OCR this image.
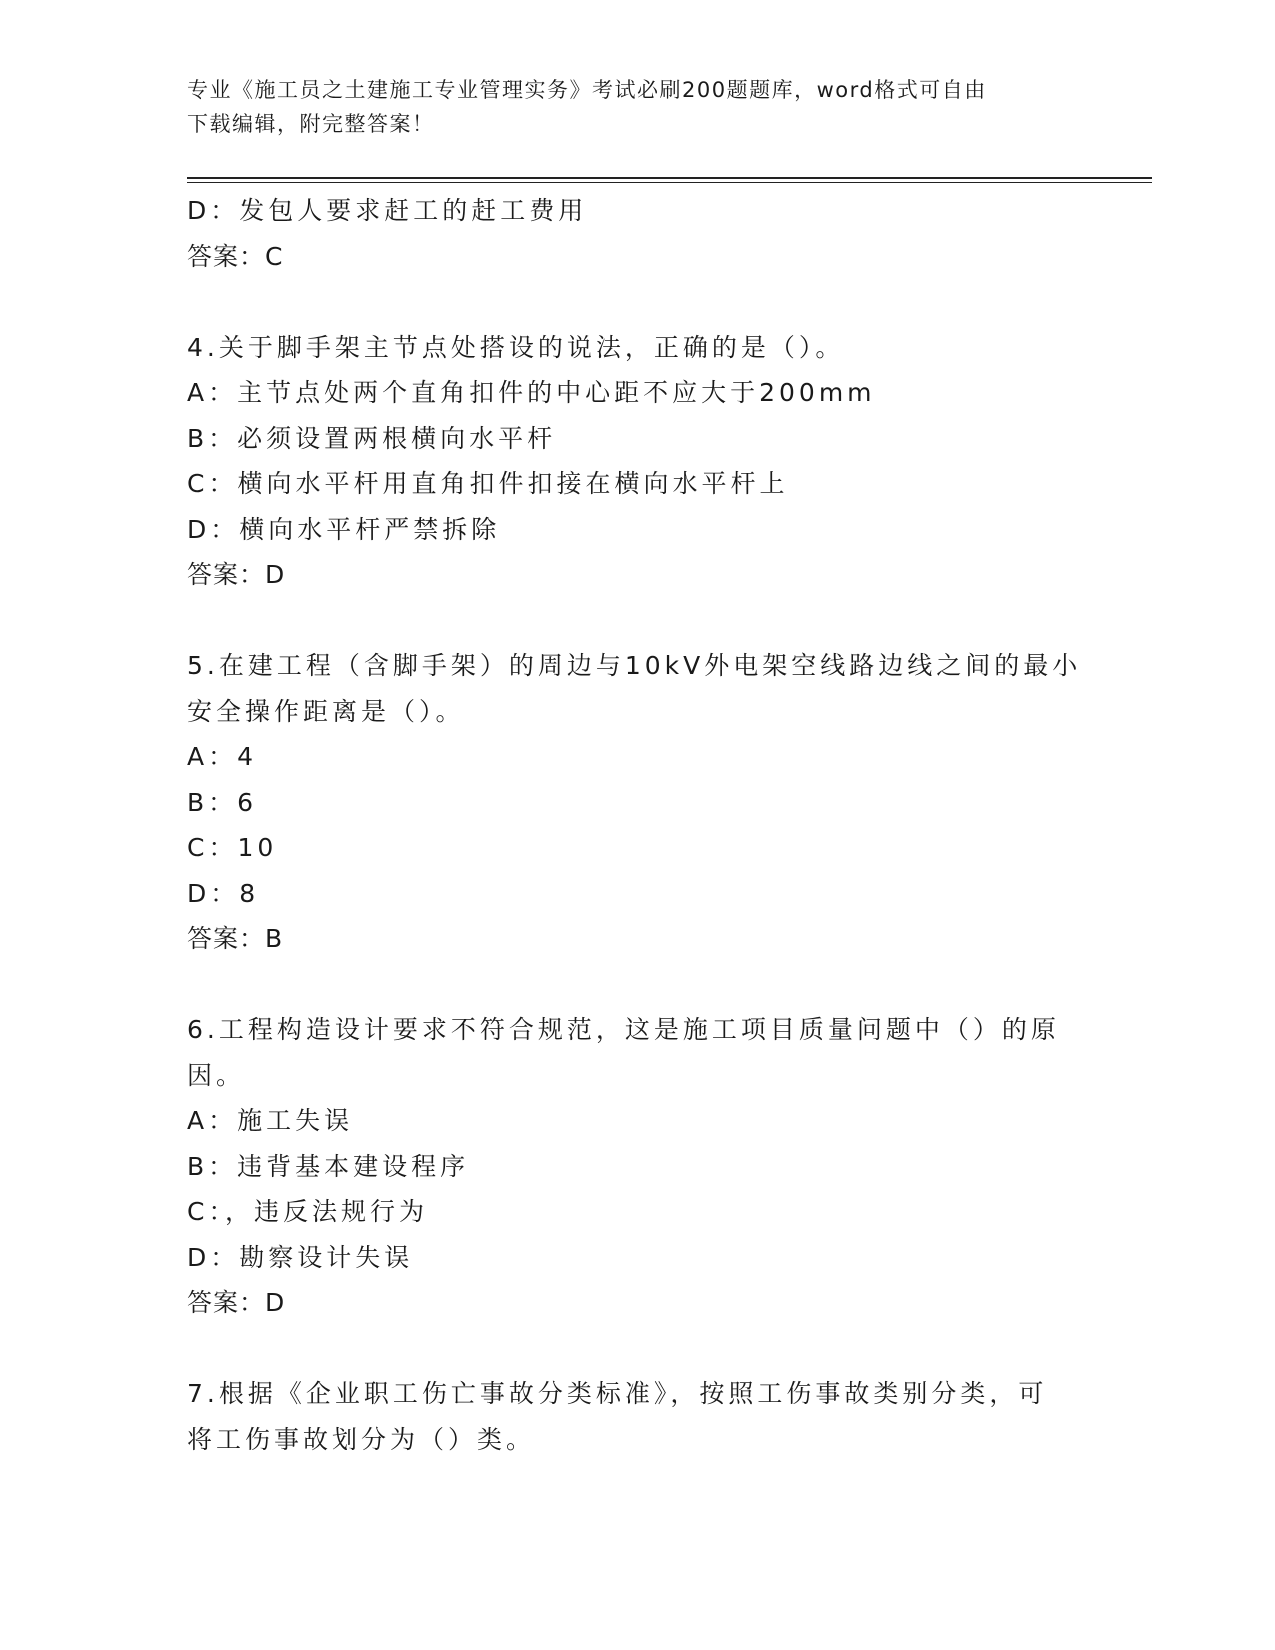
专业《施工员之土建施工专业管理实务》考试必刷200题题库，word格式可自由
下载编辑，附完整答案！
D：发包人要求赶工的赶工费用
答案：C
4.关于脚手架主节点处搭设的说法，正确的是（）。
A：主节点处两个直角扣件的中心距不应大于200mm
B：必须设置两根横向水平杆
C：横向水平杆用直角扣件扣接在横向水平杆上
D：横向水平杆严禁拆除
答案：D
5.在建工程（含脚手架）的周边与10kV外电架空线路边线之间的最小
安全操作距离是（）。
A：4
B：6
C：10
D：8
答案：B
6.工程构造设计要求不符合规范，这是施工项目质量问题中（）的原
因。
A：施工失误
B：违背基本建设程序
C：，违反法规行为
D：勘察设计失误
答案：D
7.根据《企业职工伤亡事故分类标准》，按照工伤事故类别分类，可
将工伤事故划分为（）类。
